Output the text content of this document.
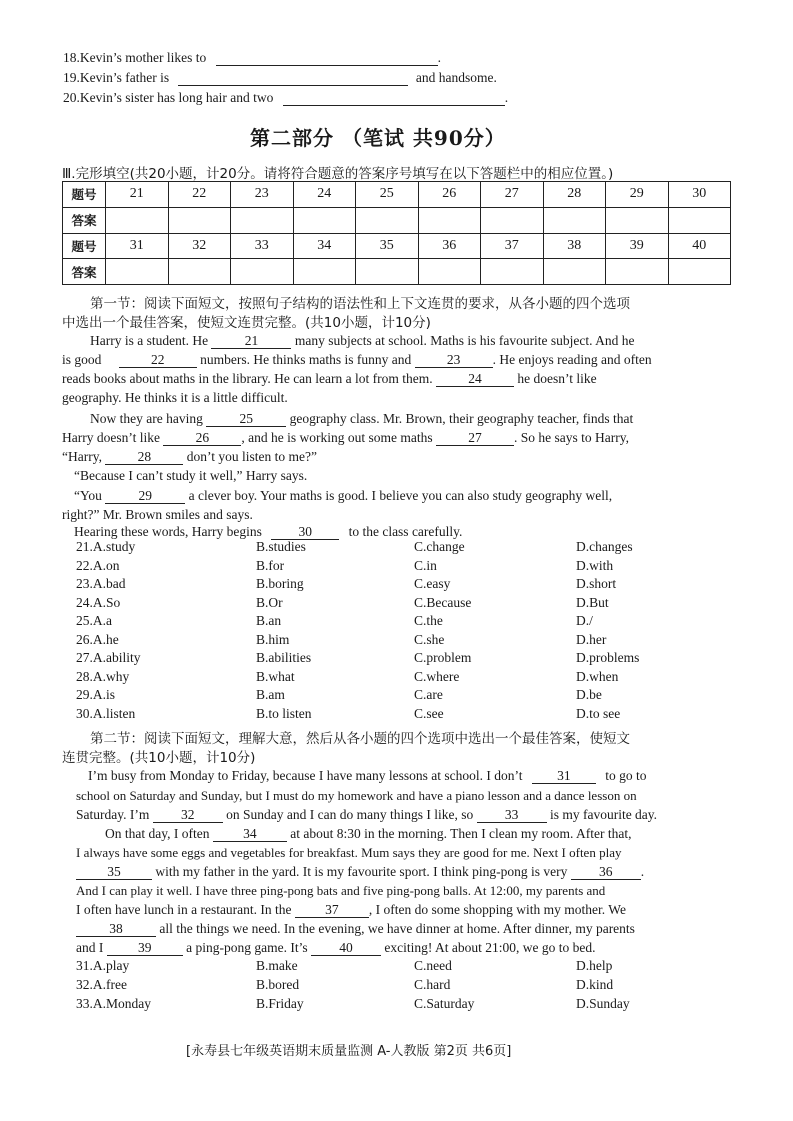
18.Kevin’s mother likes to	.
19.Kevin’s father is	and handsome.
20.Kevin’s sister has long hair and two	.
第二部分 （笔试 共90分）
Ⅲ.完形填空(共20小题，计20分。请将符合题意的答案序号填写在以下答题栏中的相应位置。)
题号	21	22	23	24	25	26	27	28	29	30
答案										
题号	31	32	33	34	35	36	37	38	39	40
答案										
第一节：阅读下面短文，按照句子结构的语法性和上下文连贯的要求，从各小题的四个选项
中选出一个最佳答案，使短文连贯完整。(共10小题，计10分)
Harry is a student. He	21	many subjects at school. Maths is his favourite subject. And he
is good	22	numbers. He thinks maths is funny and	23 . He enjoys reading and often
reads books about maths in the library. He can learn a lot from them.	24	he doesn’t like
geography. He thinks it is a little difficult.
Now they are having	25	geography class. Mr. Brown, their geography teacher, finds that
Harry doesn’t like	26 , and he is working out some maths	27 . So he says to Harry,
“Harry,	28	don’t you listen to me?”
“Because I can’t study it well,” Harry says.
“You	29	a clever boy. Your maths is good. I believe you can also study geography well,
right?” Mr. Brown smiles and says.
Hearing these words, Harry begins	30	to the class carefully.
21.A.study	B.studies	C.change	D.changes
22.A.on	B.for	C.in	D.with
23.A.bad	B.boring	C.easy	D.short
24.A.So	B.Or	C.Because	D.But
25.A.a	B.an	C.the	D./
26.A.he	B.him	C.she	D.her
27.A.ability	B.abilities	C.problem	D.problems
28.A.why	B.what	C.where	D.when
29.A.is	B.am	C.are	D.be
30.A.listen	B.to listen	C.see	D.to see
第二节：阅读下面短文，理解大意，然后从各小题的四个选项中选出一个最佳答案，使短文
连贯完整。(共10小题，计10分)
I’m busy from Monday to Friday, because I have many lessons at school. I don’t	31	to go to
school on Saturday and Sunday, but I must do my homework and have a piano lesson and a dance lesson on
Saturday. I’m 32 on Sunday and I can do many things I like, so 33 is my favourite day.
On that day, I often 34 at about 8:30 in the morning. Then I clean my room. After that,
I always have some eggs and vegetables for breakfast. Mum says they are good for me. Next I often play
35	with my father in the yard. It is my favourite sport. I think ping-pong is very 36 .
And I can play it well. I have three ping-pong bats and five ping-pong balls. At 12:00, my parents and
I often have lunch in a restaurant. In the 37 , I often do some shopping with my mother. We
38	all the things we need. In the evening, we have dinner at home. After dinner, my parents
and I	39	a ping-pong game. It’s 40 exciting! At about 21:00, we go to bed.
31.A.play	B.make	C.need	D.help
32.A.free	B.bored	C.hard	D.kind
33.A.Monday	B.Friday	C.Saturday	D.Sunday
[永寿县七年级英语期末质量监测 A-人教版 第2页 共6页]
